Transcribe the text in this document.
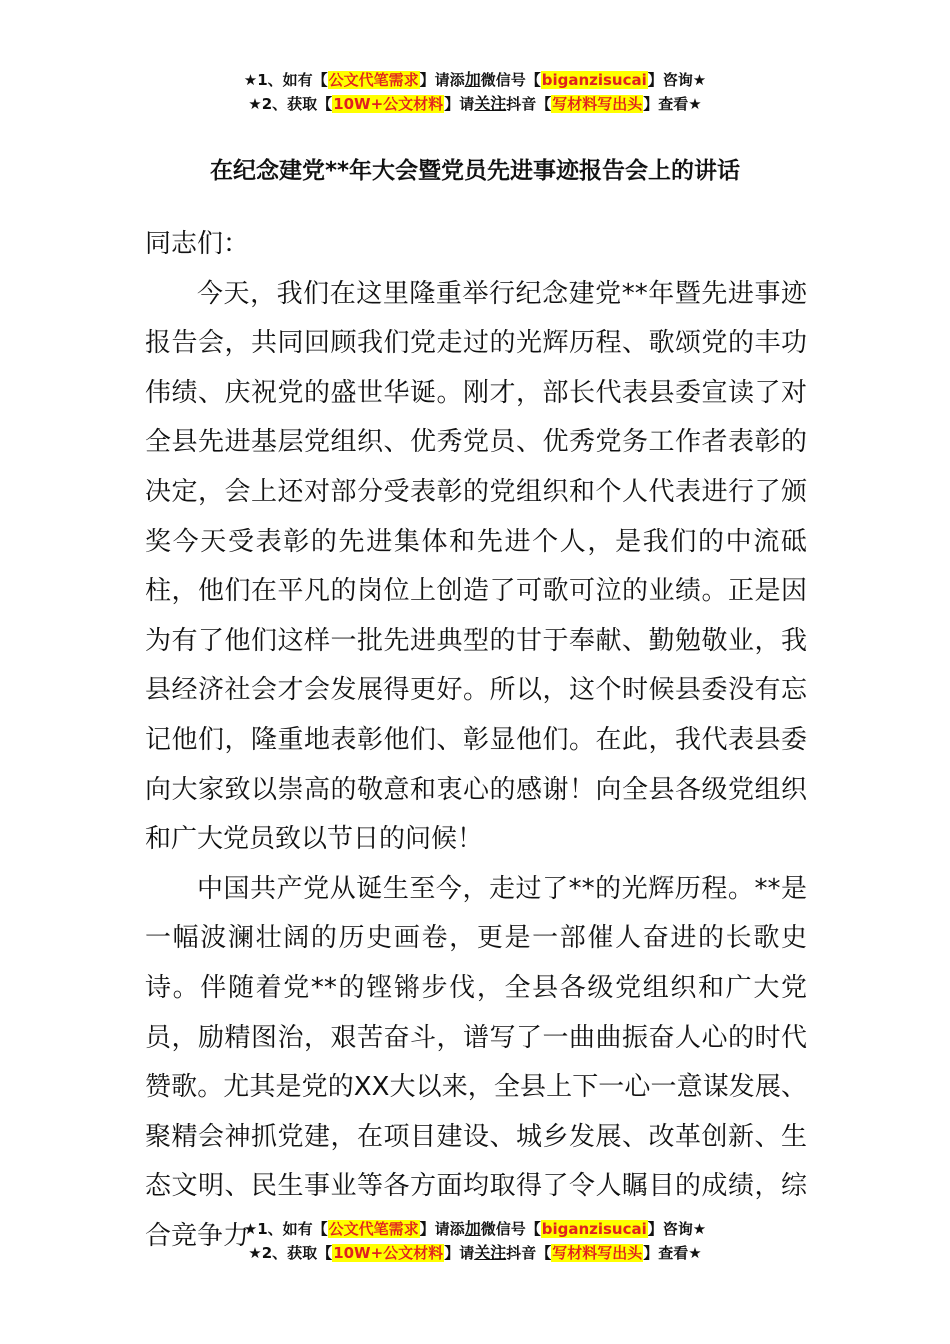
★1、如有【公文代笔需求】请添加微信号【biganzisucai】咨询★
★2、获取【10W+公文材料】请关注抖音【写材料写出头】查看★
在纪念建党**年大会暨党员先进事迹报告会上的讲话

同志们：

今天，我们在这里隆重举行纪念建党**年暨先进事迹报告会，共同回顾我们党走过的光辉历程、歌颂党的丰功伟绩、庆祝党的盛世华诞。刚才，部长代表县委宣读了对全县先进基层党组织、优秀党员、优秀党务工作者表彰的决定，会上还对部分受表彰的党组织和个人代表进行了颁奖今天受表彰的先进集体和先进个人，是我们的中流砥柱，他们在平凡的岗位上创造了可歌可泣的业绩。正是因为有了他们这样一批先进典型的甘于奉献、勤勉敬业，我县经济社会才会发展得更好。所以，这个时候县委没有忘记他们，隆重地表彰他们、彰显他们。在此，我代表县委向大家致以崇高的敬意和衷心的感谢！向全县各级党组织和广大党员致以节日的问候！

中国共产党从诞生至今，走过了**的光辉历程。**是一幅波澜壮阔的历史画卷，更是一部催人奋进的长歌史诗。伴随着党**的铿锵步伐，全县各级党组织和广大党员，励精图治，艰苦奋斗，谱写了一曲曲振奋人心的时代赞歌。尤其是党的XX大以来，全县上下一心一意谋发展、聚精会神抓党建，在项目建设、城乡发展、改革创新、生态文明、民生事业等各方面均取得了令人瞩目的成绩，综合竞争力

★1、如有【公文代笔需求】请添加微信号【biganzisucai】咨询★
★2、获取【10W+公文材料】请关注抖音【写材料写出头】查看★
